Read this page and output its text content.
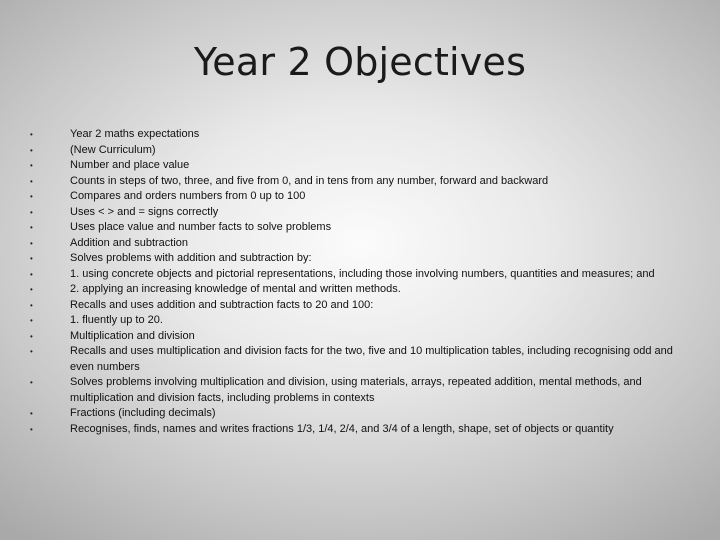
Year 2 Objectives
•	Year 2 maths expectations
•	(New Curriculum)
•	Number and place value
•	Counts in steps of two, three, and five from 0, and in tens from any number, forward and backward
•	Compares and orders numbers from 0 up to 100
•	Uses < > and = signs correctly
•	Uses place value and number facts to solve problems
•	Addition and subtraction
•	Solves problems with addition and subtraction by:
•	1. using concrete objects and pictorial representations, including those involving numbers, quantities and measures; and
•	2. applying an increasing knowledge of mental and written methods.
•	Recalls and uses addition and subtraction facts to 20 and 100:
•	1. fluently up to 20.
•	Multiplication and division
•	Recalls and uses multiplication and division facts for the two, five and 10 multiplication tables, including recognising odd and even numbers
•	Solves problems involving multiplication and division, using materials, arrays, repeated addition, mental methods, and multiplication and division facts, including problems in contexts
•	Fractions (including decimals)
•	Recognises, finds, names and writes fractions 1/3, 1/4, 2/4, and 3/4 of a length, shape, set of objects or quantity
